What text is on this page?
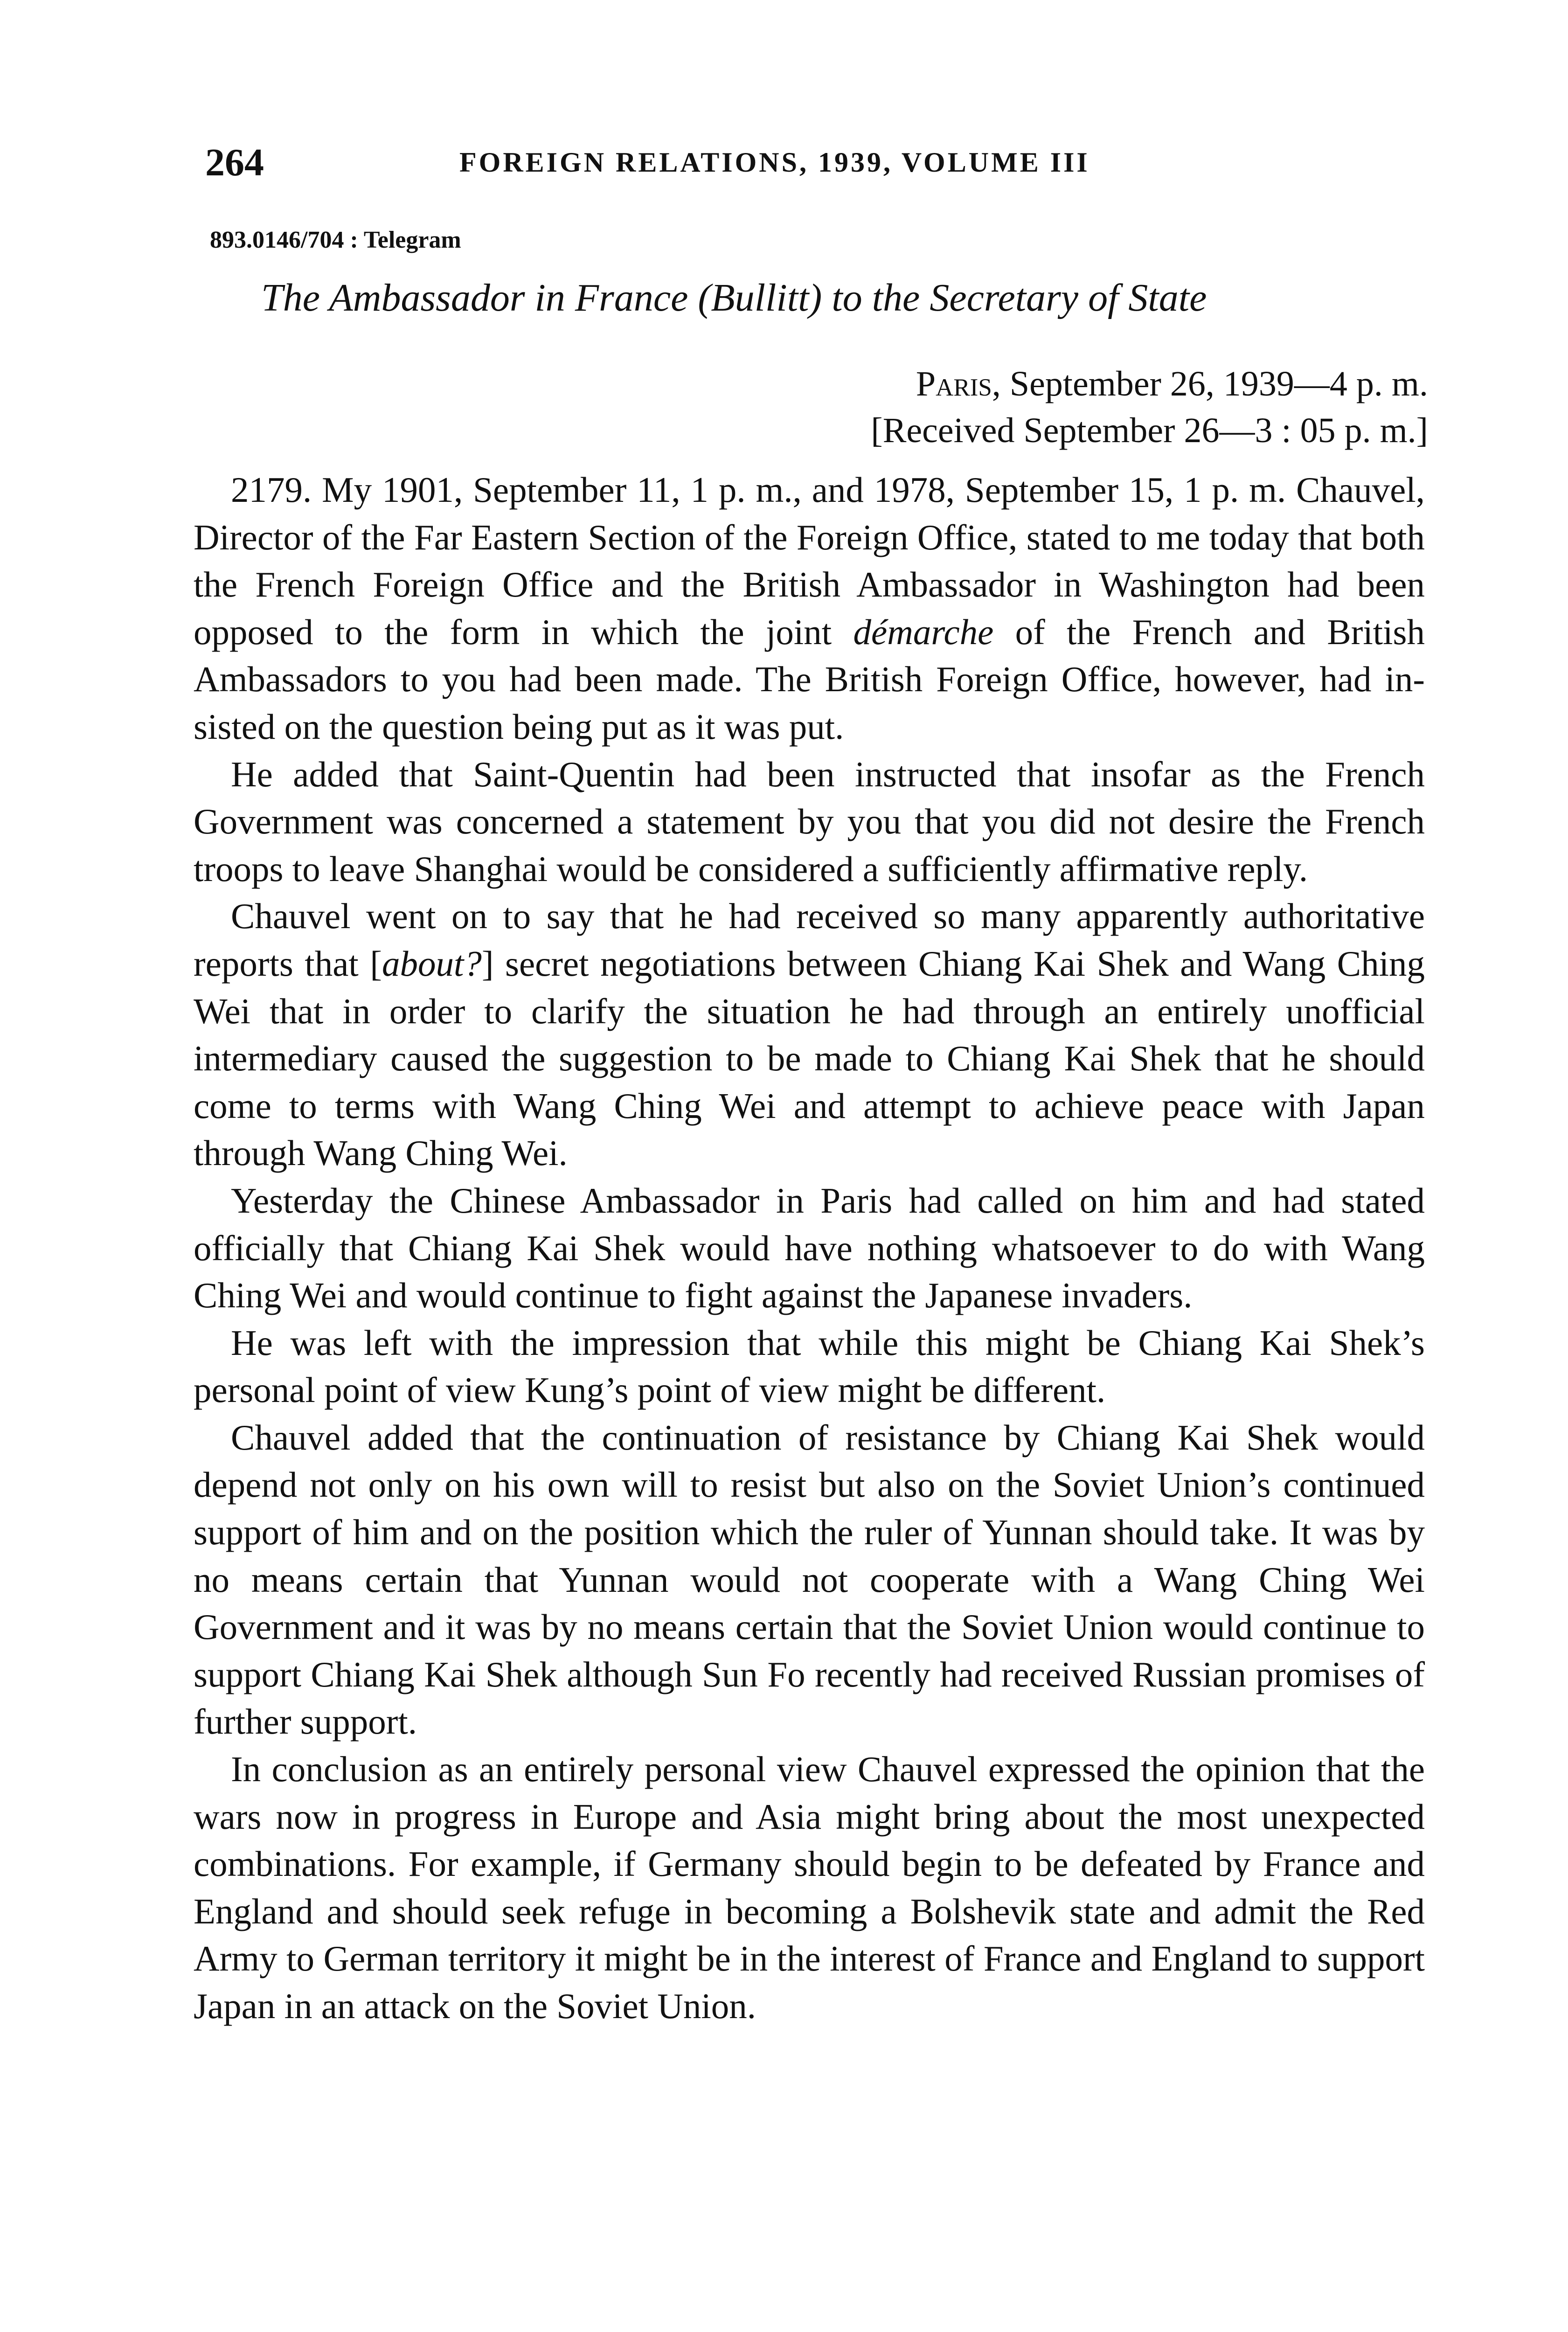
264	FOREIGN RELATIONS, 1939, VOLUME III
893.0146/704 : Telegram
The Ambassador in France (Bullitt) to the Secretary of State
Paris, September 26, 1939—4 p. m.
[Received September 26—3 : 05 p. m.]

2179. My 1901, September 11, 1 p. m., and 1978, September 15, 1 p. m. Chauvel, Director of the Far Eastern Section of the Foreign Office, stated to me today that both the French Foreign Office and the British Ambassador in Washington had been opposed to the form in which the joint démarche of the French and British Ambassadors to you had been made. The British Foreign Office, however, had insisted on the question being put as it was put.

He added that Saint-Quentin had been instructed that insofar as the French Government was concerned a statement by you that you did not desire the French troops to leave Shanghai would be considered a sufficiently affirmative reply.

Chauvel went on to say that he had received so many apparently authoritative reports that [about?] secret negotiations between Chiang Kai Shek and Wang Ching Wei that in order to clarify the situation he had through an entirely unofficial intermediary caused the suggestion to be made to Chiang Kai Shek that he should come to terms with Wang Ching Wei and attempt to achieve peace with Japan through Wang Ching Wei.

Yesterday the Chinese Ambassador in Paris had called on him and had stated officially that Chiang Kai Shek would have nothing whatsoever to do with Wang Ching Wei and would continue to fight against the Japanese invaders.

He was left with the impression that while this might be Chiang Kai Shek’s personal point of view Kung’s point of view might be different.

Chauvel added that the continuation of resistance by Chiang Kai Shek would depend not only on his own will to resist but also on the Soviet Union’s continued support of him and on the position which the ruler of Yunnan should take. It was by no means certain that Yunnan would not cooperate with a Wang Ching Wei Government and it was by no means certain that the Soviet Union would continue to support Chiang Kai Shek although Sun Fo recently had received Russian promises of further support.

In conclusion as an entirely personal view Chauvel expressed the opinion that the wars now in progress in Europe and Asia might bring about the most unexpected combinations. For example, if Germany should begin to be defeated by France and England and should seek refuge in becoming a Bolshevik state and admit the Red Army to German territory it might be in the interest of France and England to support Japan in an attack on the Soviet Union.
